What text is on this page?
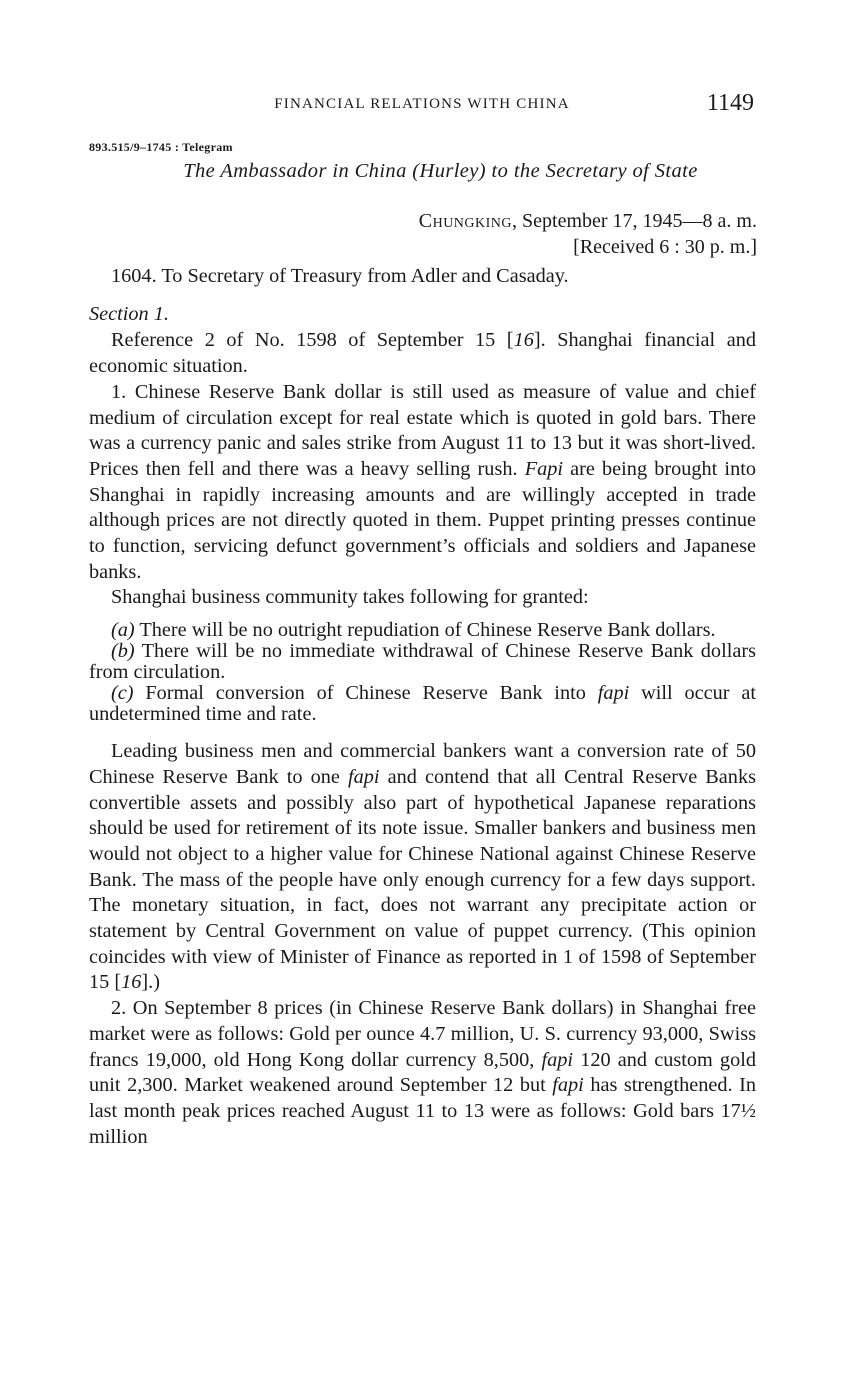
FINANCIAL RELATIONS WITH CHINA	1149
893.515/9–1745 : Telegram
The Ambassador in China (Hurley) to the Secretary of State
Chungking, September 17, 1945—8 a. m.
[Received 6 : 30 p. m.]

1604. To Secretary of Treasury from Adler and Casaday.

Section 1.

Reference 2 of No. 1598 of September 15 [16]. Shanghai financial and economic situation.

1. Chinese Reserve Bank dollar is still used as measure of value and chief medium of circulation except for real estate which is quoted in gold bars. There was a currency panic and sales strike from August 11 to 13 but it was short-lived. Prices then fell and there was a heavy selling rush. Fapi are being brought into Shanghai in rapidly increasing amounts and are willingly accepted in trade although prices are not directly quoted in them. Puppet printing presses continue to function, servicing defunct government’s officials and soldiers and Japanese banks.

Shanghai business community takes following for granted:

(a) There will be no outright repudiation of Chinese Reserve Bank dollars.

(b) There will be no immediate withdrawal of Chinese Reserve Bank dollars from circulation.

(c) Formal conversion of Chinese Reserve Bank into fapi will occur at undetermined time and rate.

Leading business men and commercial bankers want a conversion rate of 50 Chinese Reserve Bank to one fapi and contend that all Central Reserve Banks convertible assets and possibly also part of hypothetical Japanese reparations should be used for retirement of its note issue. Smaller bankers and business men would not object to a higher value for Chinese National against Chinese Reserve Bank. The mass of the people have only enough currency for a few days support. The monetary situation, in fact, does not warrant any precipitate action or statement by Central Government on value of puppet currency. (This opinion coincides with view of Minister of Finance as reported in 1 of 1598 of September 15 [16].)

2. On September 8 prices (in Chinese Reserve Bank dollars) in Shanghai free market were as follows: Gold per ounce 4.7 million, U. S. currency 93,000, Swiss francs 19,000, old Hong Kong dollar currency 8,500, fapi 120 and custom gold unit 2,300. Market weakened around September 12 but fapi has strengthened. In last month peak prices reached August 11 to 13 were as follows: Gold bars 17½ million
